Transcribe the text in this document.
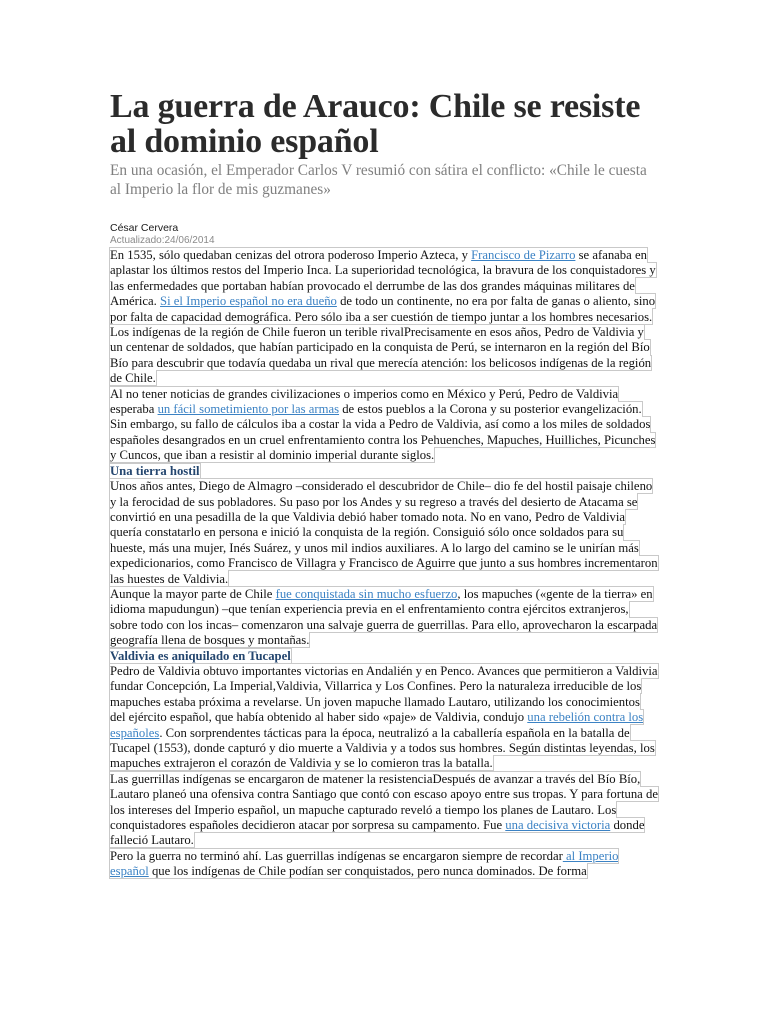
La guerra de Arauco: Chile se resiste al dominio español

En una ocasión, el Emperador Carlos V resumió con sátira el conflicto: «Chile le cuesta al Imperio la flor de mis guzmanes»

César Cervera

Actualizado:24/06/2014

En 1535, sólo quedaban cenizas del otrora poderoso Imperio Azteca, y Francisco de Pizarro se afanaba en aplastar los últimos restos del Imperio Inca. La superioridad tecnológica, la bravura de los conquistadores y las enfermedades que portaban habían provocado el derrumbe de las dos grandes máquinas militares de América. Si el Imperio español no era dueño de todo un continente, no era por falta de ganas o aliento, sino por falta de capacidad demográfica. Pero sólo iba a ser cuestión de tiempo juntar a los hombres necesarios.

Los indígenas de la región de Chile fueron un terible rivalPrecisamente en esos años, Pedro de Valdivia y un centenar de soldados, que habían participado en la conquista de Perú, se internaron en la región del Bío Bío para descubrir que todavía quedaba un rival que merecía atención: los belicosos indígenas de la región de Chile.

Al no tener noticias de grandes civilizaciones o imperios como en México y Perú, Pedro de Valdivia esperaba un fácil sometimiento por las armas de estos pueblos a la Corona y su posterior evangelización. Sin embargo, su fallo de cálculos iba a costar la vida a Pedro de Valdivia, así como a los miles de soldados españoles desangrados en un cruel enfrentamiento contra los Pehuenches, Mapuches, Huilliches, Picunches y Cuncos, que iban a resistir al dominio imperial durante siglos.

Una tierra hostil

Unos años antes, Diego de Almagro –considerado el descubridor de Chile– dio fe del hostil paisaje chileno y la ferocidad de sus pobladores. Su paso por los Andes y su regreso a través del desierto de Atacama se convirtió en una pesadilla de la que Valdivia debió haber tomado nota. No en vano, Pedro de Valdivia quería constatarlo en persona e inició la conquista de la región. Consiguió sólo once soldados para su hueste, más una mujer, Inés Suárez, y unos mil indios auxiliares. A lo largo del camino se le unirían más expedicionarios, como Francisco de Villagra y Francisco de Aguirre que junto a sus hombres incrementaron las huestes de Valdivia.

Aunque la mayor parte de Chile fue conquistada sin mucho esfuerzo, los mapuches («gente de la tierra» en idioma mapudungun) –que tenían experiencia previa en el enfrentamiento contra ejércitos extranjeros, sobre todo con los incas– comenzaron una salvaje guerra de guerrillas. Para ello, aprovecharon la escarpada geografía llena de bosques y montañas.

Valdivia es aniquilado en Tucapel

Pedro de Valdivia obtuvo importantes victorias en Andalién y en Penco. Avances que permitieron a Valdivia fundar Concepción, La Imperial,Valdivia, Villarrica y Los Confines. Pero la naturaleza irreducible de los mapuches estaba próxima a revelarse. Un joven mapuche llamado Lautaro, utilizando los conocimientos del ejército español, que había obtenido al haber sido «paje» de Valdivia, condujo una rebelión contra los españoles. Con sorprendentes tácticas para la época, neutralizó a la caballería española en la batalla de Tucapel (1553), donde capturó y dio muerte a Valdivia y a todos sus hombres. Según distintas leyendas, los mapuches extrajeron el corazón de Valdivia y se lo comieron tras la batalla.

Las guerrillas indígenas se encargaron de matener la resistenciaDespués de avanzar a través del Bío Bío, Lautaro planeó una ofensiva contra Santiago que contó con escaso apoyo entre sus tropas. Y para fortuna de los intereses del Imperio español, un mapuche capturado reveló a tiempo los planes de Lautaro. Los conquistadores españoles decidieron atacar por sorpresa su campamento. Fue una decisiva victoria donde falleció Lautaro.

Pero la guerra no terminó ahí. Las guerrillas indígenas se encargaron siempre de recordar al Imperio español que los indígenas de Chile podían ser conquistados, pero nunca dominados. De forma
